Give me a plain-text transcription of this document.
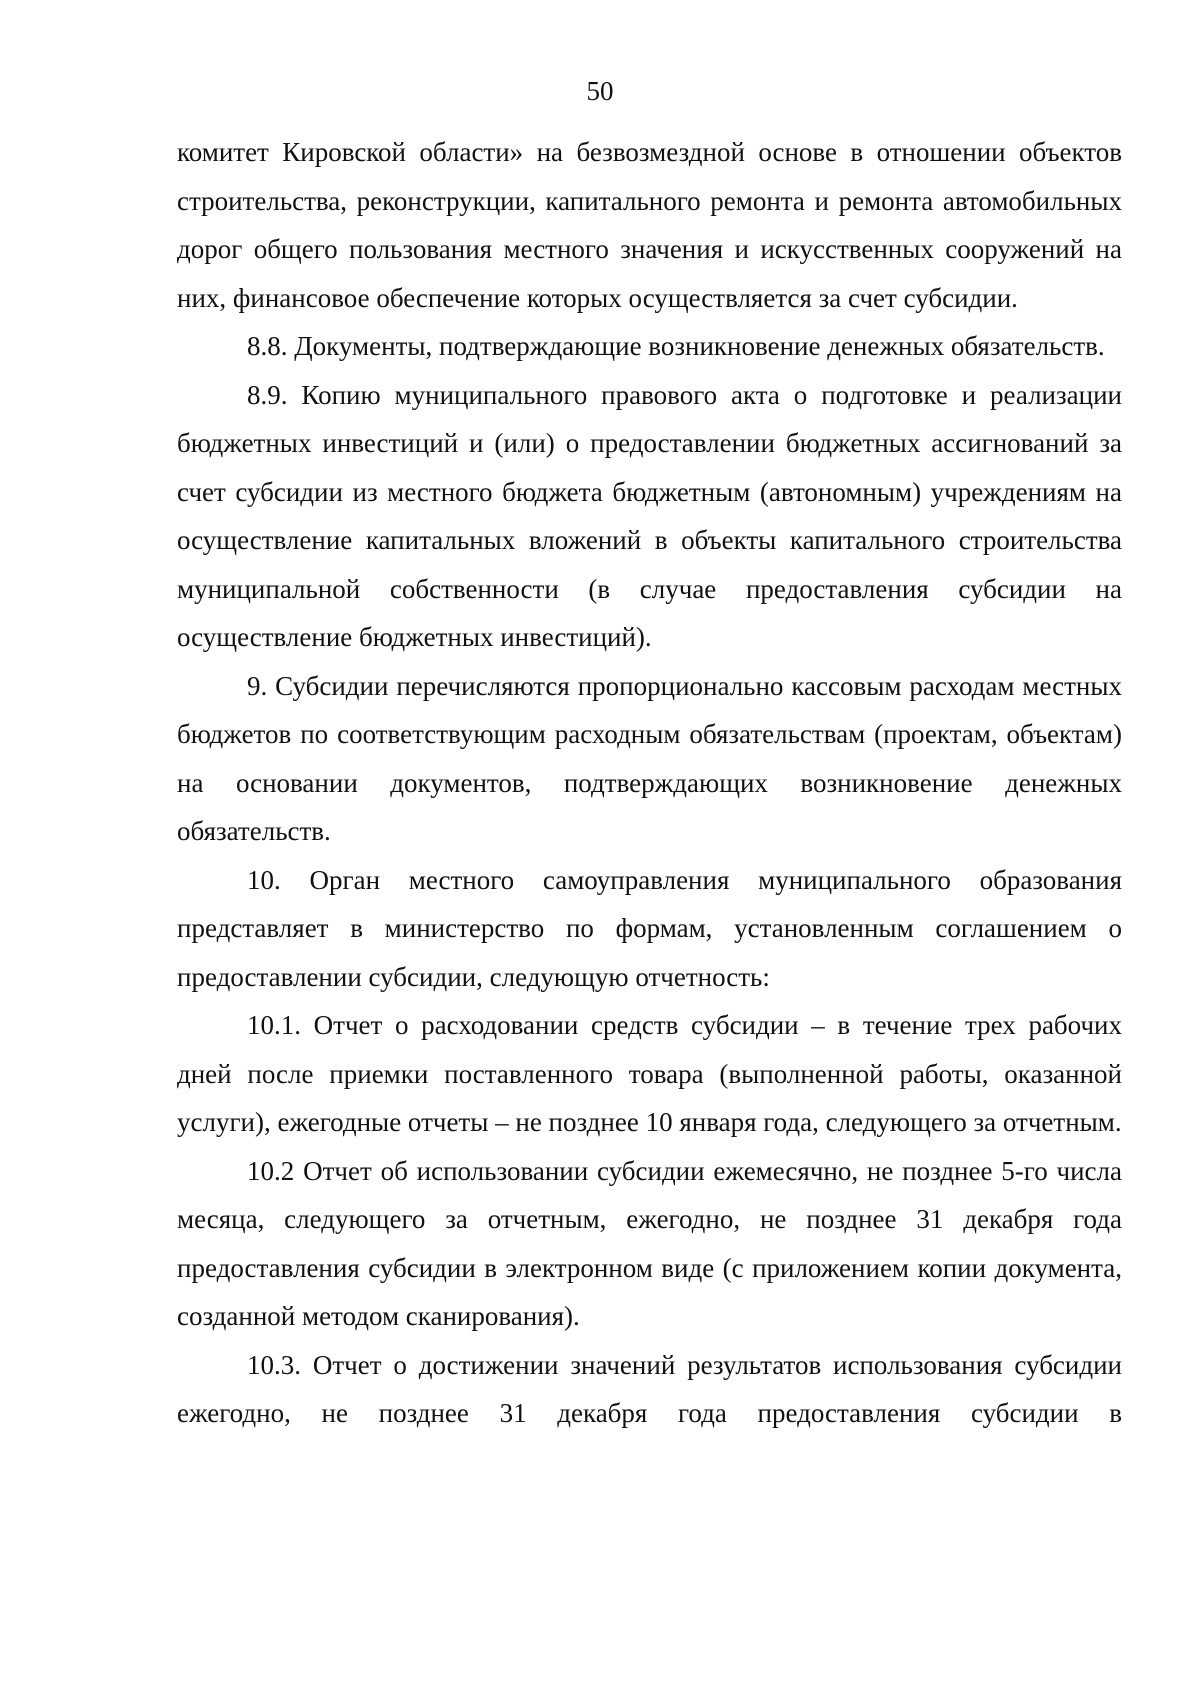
50

комитет Кировской области» на безвозмездной основе в отношении объектов строительства, реконструкции, капитального ремонта и ремонта автомобильных дорог общего пользования местного значения и искусственных сооружений на них, финансовое обеспечение которых осуществляется за счет субсидии.

8.8. Документы, подтверждающие возникновение денежных обязательств.

8.9. Копию муниципального правового акта о подготовке и реализации бюджетных инвестиций и (или) о предоставлении бюджетных ассигнований за счет субсидии из местного бюджета бюджетным (автономным) учреждениям на осуществление капитальных вложений в объекты капитального строительства муниципальной собственности (в случае предоставления субсидии на осуществление бюджетных инвестиций).

9. Субсидии перечисляются пропорционально кассовым расходам местных бюджетов по соответствующим расходным обязательствам (проектам, объектам) на основании документов, подтверждающих возникновение денежных обязательств.

10. Орган местного самоуправления муниципального образования представляет в министерство по формам, установленным соглашением о предоставлении субсидии, следующую отчетность:

10.1. Отчет о расходовании средств субсидии – в течение трех рабочих дней после приемки поставленного товара (выполненной работы, оказанной услуги), ежегодные отчеты – не позднее 10 января года, следующего за отчетным.

10.2 Отчет об использовании субсидии ежемесячно, не позднее 5-го числа месяца, следующего за отчетным, ежегодно, не позднее 31 декабря года предоставления субсидии в электронном виде (с приложением копии документа, созданной методом сканирования).

10.3. Отчет о достижении значений результатов использования субсидии ежегодно, не позднее 31 декабря года предоставления субсидии в
